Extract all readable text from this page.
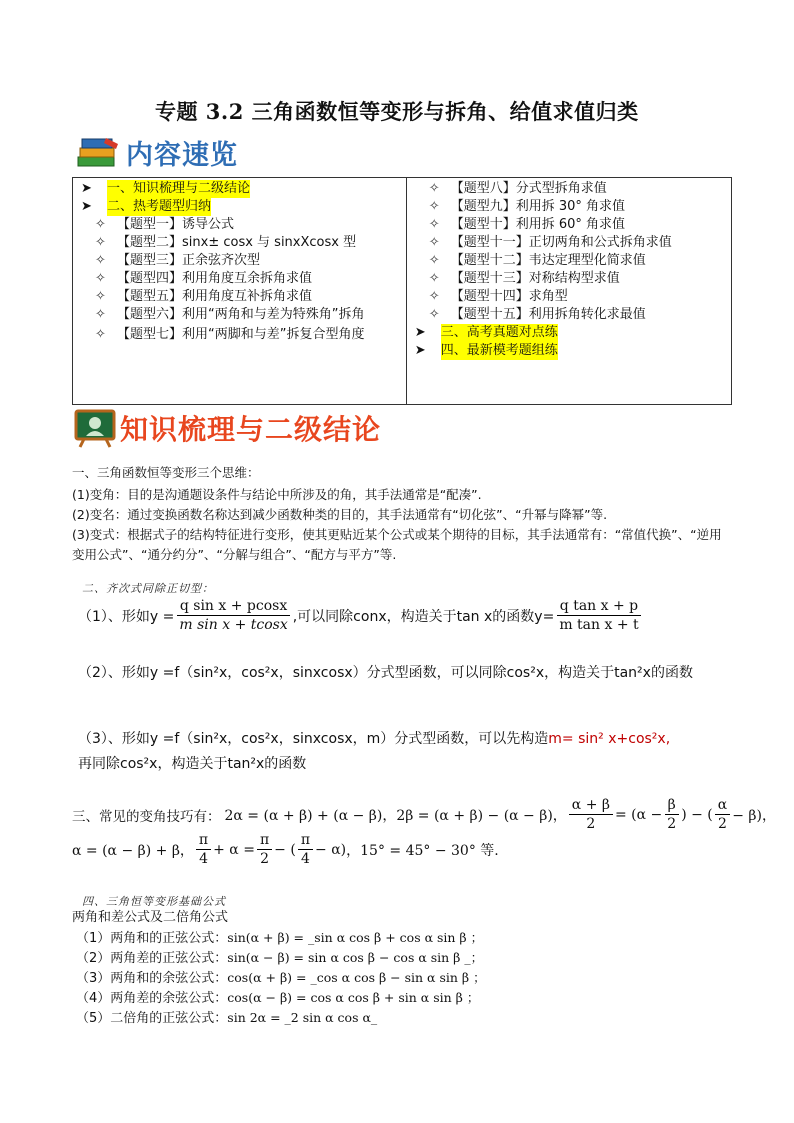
专题 3.2 三角函数恒等变形与拆角、给值求值归类
内容速览
➤	一、知识梳理与二级结论
➤	二、热考题型归纳
✧ 【题型一】诱导公式
✧ 【题型二】sinx± cosx 与 sinxXcosx 型
✧ 【题型三】正余弦齐次型
✧ 【题型四】利用角度互余拆角求值
✧ 【题型五】利用角度互补拆角求值
✧ 【题型六】利用“两角和与差为特殊角”拆角
✧ 【题型七】利用“两脚和与差”拆复合型角度

✧ 【题型八】分式型拆角求值
✧ 【题型九】利用拆 30° 角求值
✧ 【题型十】利用拆 60° 角求值
✧ 【题型十一】正切两角和公式拆角求值
✧ 【题型十二】韦达定理型化简求值
✧ 【题型十三】对称结构型求值
✧ 【题型十四】求角型
✧ 【题型十五】利用拆角转化求最值
➤	三、高考真题对点练
➤	四、最新模考题组练
知识梳理与二级结论
一、三角函数恒等变形三个思维：
(1)变角：目的是沟通题设条件与结论中所涉及的角，其手法通常是“配凑”.
(2)变名：通过变换函数名称达到减少函数种类的目的，其手法通常有“切化弦”、“升幂与降幂”等.
(3)变式：根据式子的结构特征进行变形，使其更贴近某个公式或某个期待的目标，其手法通常有：“常值代换”、“逆用变用公式”、“通分约分”、“分解与组合”、“配方与平方”等.
二、齐次式同除正切型：
（1）、形如$y = \frac{\text{q sin x + pcosx}}{\text{m sin x + tcosx}}$ ,可以同除conx，构造关于tan x的函数$y= \frac{\text{q tan x + p}}{\text{m tan x + t}}$
（2）、形如y =f（sin²x，cos²x，sinxcosx）分式型函数，可以同除cos²x，构造关于tan²x的函数
（3）、形如y =f（sin²x，cos²x，sinxcosx，m）分式型函数，可以先构造m= sin² x+cos²x,
再同除cos²x，构造关于tan²x的函数
三、常见的变角技巧有： 2α = (α + β) + (α − β)，2β = (α + β) − (α − β)， $\frac{\alpha + \beta}{2} = (\alpha - \frac{\beta}{2}$ ) − ( $\frac{\alpha}{2} - \beta$)，
α = (α − β) + β， $\frac{\pi}{4} + \alpha = \frac{\pi}{2}$ − ( $\frac{\pi}{4} - \alpha$) ，15° = 45° − 30° 等.
四、三角恒等变形基础公式
两角和差公式及二倍角公式
（1）两角和的正弦公式：sin(α + β) = _sin α cos β + cos α sin β ；
（2）两角差的正弦公式：sin(α − β) = sin α cos β − cos α sin β _；
（3）两角和的余弦公式：cos(α + β) = _cos α cos β − sin α sin β ；
（4）两角差的余弦公式：cos(α − β) = cos α cos β + sin α sin β ；
（5）二倍角的正弦公式：sin 2α = _2 sin α cos α_
